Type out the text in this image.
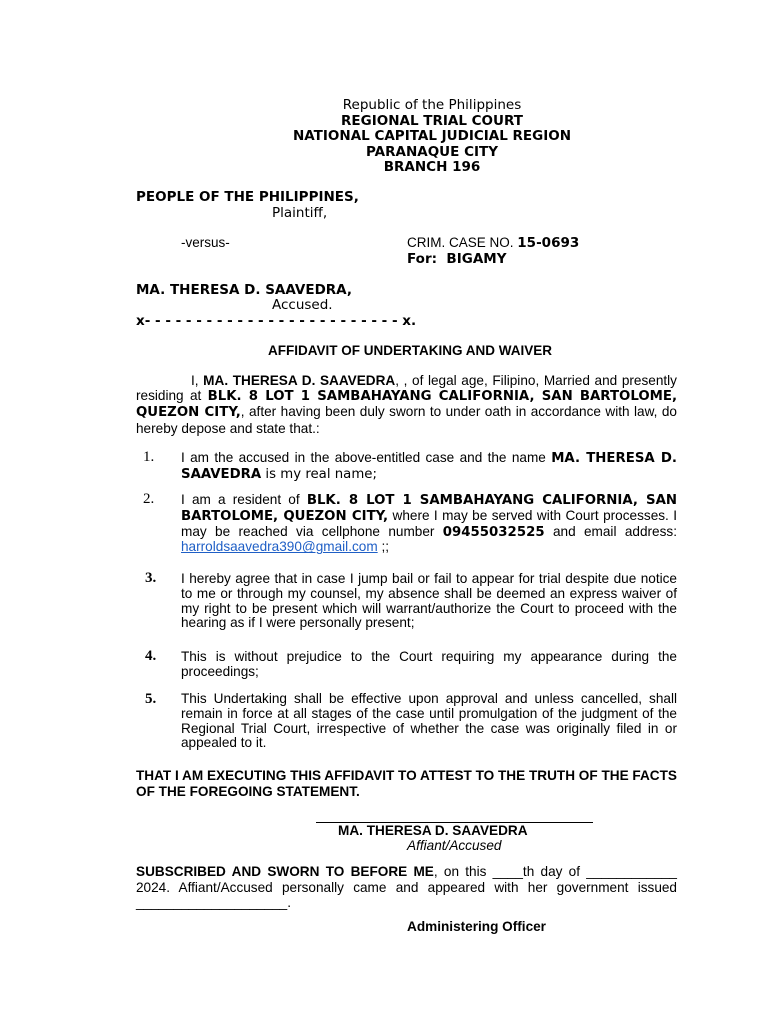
Republic of the Philippines
REGIONAL TRIAL COURT
NATIONAL CAPITAL JUDICIAL REGION
PARANAQUE CITY
BRANCH 196
PEOPLE OF THE PHILIPPINES,
Plaintiff,
-versus-	CRIM. CASE NO. 15-0693
For: BIGAMY
MA. THERESA D. SAAVEDRA,
Accused.
x- - - - - - - - - - - - - - - - - - - - - - - - - x.
AFFIDAVIT OF UNDERTAKING AND WAIVER
I, MA. THERESA D. SAAVEDRA, , of legal age, Filipino, Married and presently residing at BLK. 8 LOT 1 SAMBAHAYANG CALIFORNIA, SAN BARTOLOME, QUEZON CITY,, after having been duly sworn to under oath in accordance with law, do hereby depose and state that.:
1. I am the accused in the above-entitled case and the name MA. THERESA D. SAAVEDRA is my real name;
2. I am a resident of BLK. 8 LOT 1 SAMBAHAYANG CALIFORNIA, SAN BARTOLOME, QUEZON CITY, where I may be served with Court processes. I may be reached via cellphone number 09455032525 and email address: harroldsaavedra390@gmail.com ;;
3. I hereby agree that in case I jump bail or fail to appear for trial despite due notice to me or through my counsel, my absence shall be deemed an express waiver of my right to be present which will warrant/authorize the Court to proceed with the hearing as if I were personally present;
4. This is without prejudice to the Court requiring my appearance during the proceedings;
5. This Undertaking shall be effective upon approval and unless cancelled, shall remain in force at all stages of the case until promulgation of the judgment of the Regional Trial Court, irrespective of whether the case was originally filed in or appealed to it.
THAT I AM EXECUTING THIS AFFIDAVIT TO ATTEST TO THE TRUTH OF THE FACTS OF THE FOREGOING STATEMENT.
MA. THERESA D. SAAVEDRA
Affiant/Accused
SUBSCRIBED AND SWORN TO BEFORE ME, on this ____th day of ____________ 2024. Affiant/Accused personally came and appeared with her government issued ____________________.
Administering Officer
